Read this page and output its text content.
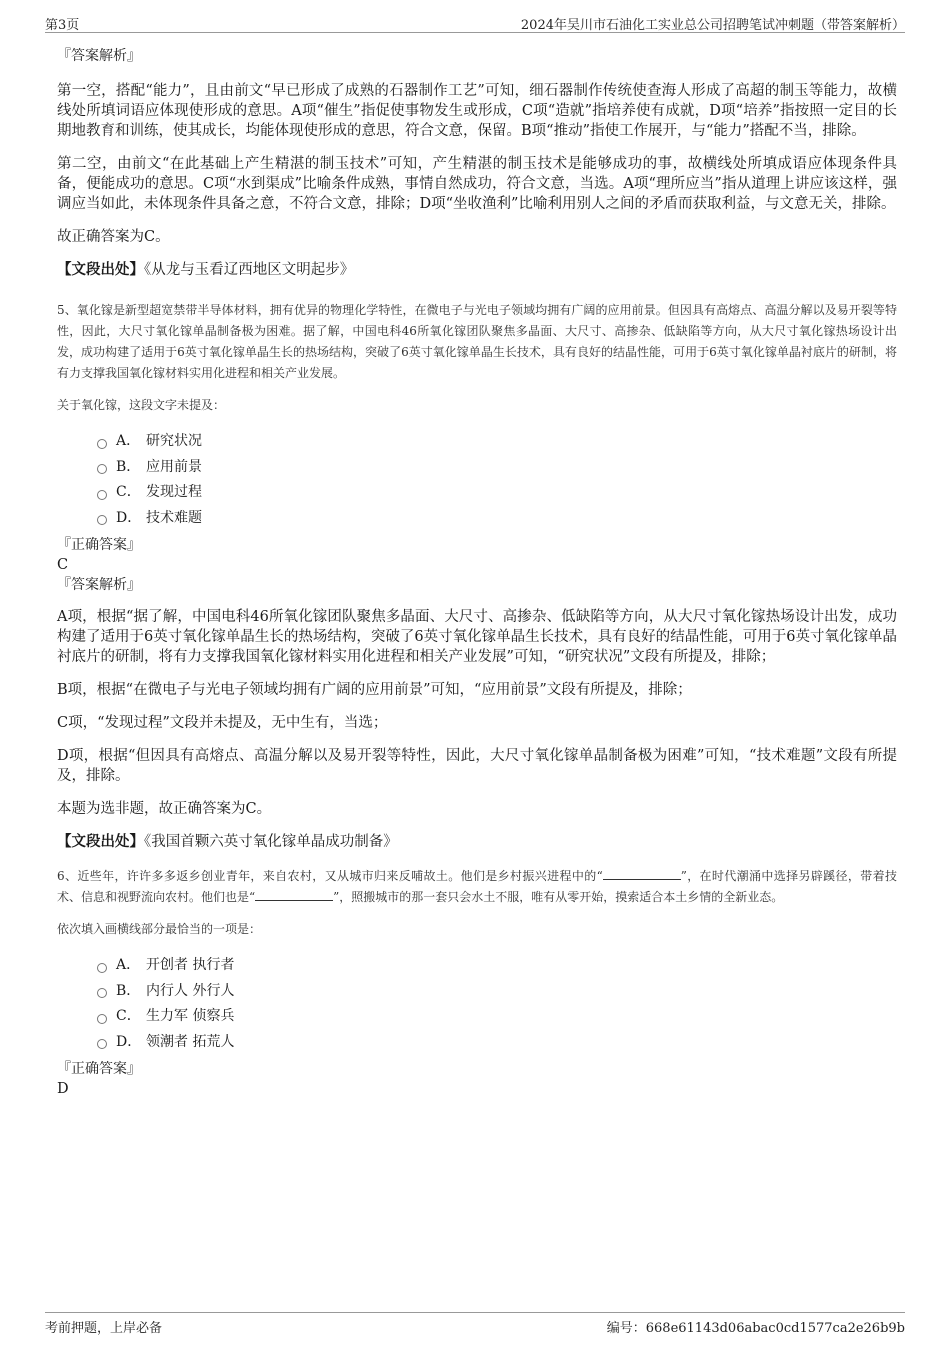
第3页	2024年吴川市石油化工实业总公司招聘笔试冲刺题（带答案解析）

『答案解析』

第一空，搭配“能力”，且由前文“早已形成了成熟的石器制作工艺”可知，细石器制作传统使查海人形成了高超的制玉等能力，故横线处所填词语应体现使形成的意思。A项“催生”指促使事物发生或形成，C项“造就”指培养使有成就，D项“培养”指按照一定目的长期地教育和训练，使其成长，均能体现使形成的意思，符合文意，保留。B项“推动”指使工作展开，与“能力”搭配不当，排除。

第二空，由前文“在此基础上产生精湛的制玉技术”可知，产生精湛的制玉技术是能够成功的事，故横线处所填成语应体现条件具备，便能成功的意思。C项“水到渠成”比喻条件成熟，事情自然成功，符合文意，当选。A项“理所应当”指从道理上讲应该这样，强调应当如此，未体现条件具备之意，不符合文意，排除；D项“坐收渔利”比喻利用别人之间的矛盾而获取利益，与文意无关，排除。

故正确答案为C。

【文段出处】《从龙与玉看辽西地区文明起步》

5、氧化镓是新型超宽禁带半导体材料，拥有优异的物理化学特性，在微电子与光电子领域均拥有广阔的应用前景。但因具有高熔点、高温分解以及易开裂等特性，因此，大尺寸氧化镓单晶制备极为困难。据了解，中国电科46所氧化镓团队聚焦多晶面、大尺寸、高掺杂、低缺陷等方向，从大尺寸氧化镓热场设计出发，成功构建了适用于6英寸氧化镓单晶生长的热场结构，突破了6英寸氧化镓单晶生长技术，具有良好的结晶性能，可用于6英寸氧化镓单晶衬底片的研制，将有力支撑我国氧化镓材料实用化进程和相关产业发展。

关于氧化镓，这段文字未提及：

A． 研究状况
B． 应用前景
C． 发现过程
D． 技术难题

『正确答案』

C

『答案解析』

A项，根据“据了解，中国电科46所氧化镓团队聚焦多晶面、大尺寸、高掺杂、低缺陷等方向，从大尺寸氧化镓热场设计出发，成功构建了适用于6英寸氧化镓单晶生长的热场结构，突破了6英寸氧化镓单晶生长技术，具有良好的结晶性能，可用于6英寸氧化镓单晶衬底片的研制，将有力支撑我国氧化镓材料实用化进程和相关产业发展”可知，“研究状况”文段有所提及，排除；

B项，根据“在微电子与光电子领域均拥有广阔的应用前景”可知，“应用前景”文段有所提及，排除；

C项，“发现过程”文段并未提及，无中生有，当选；

D项，根据“但因具有高熔点、高温分解以及易开裂等特性，因此，大尺寸氧化镓单晶制备极为困难”可知，“技术难题”文段有所提及，排除。

本题为选非题，故正确答案为C。

【文段出处】《我国首颗六英寸氧化镓单晶成功制备》

6、近些年，许许多多返乡创业青年，来自农村，又从城市归来反哺故土。他们是乡村振兴进程中的“	”，在时代潮涌中选择另辟蹊径，带着技术、信息和视野流向农村。他们也是“	”，照搬城市的那一套只会水土不服，唯有从零开始，摸索适合本土乡情的全新业态。

依次填入画横线部分最恰当的一项是：

A． 开创者 执行者
B． 内行人 外行人
C． 生力军 侦察兵
D． 领潮者 拓荒人

『正确答案』

D

考前押题，上岸必备	编号：668e61143d06abac0cd1577ca2e26b9b
